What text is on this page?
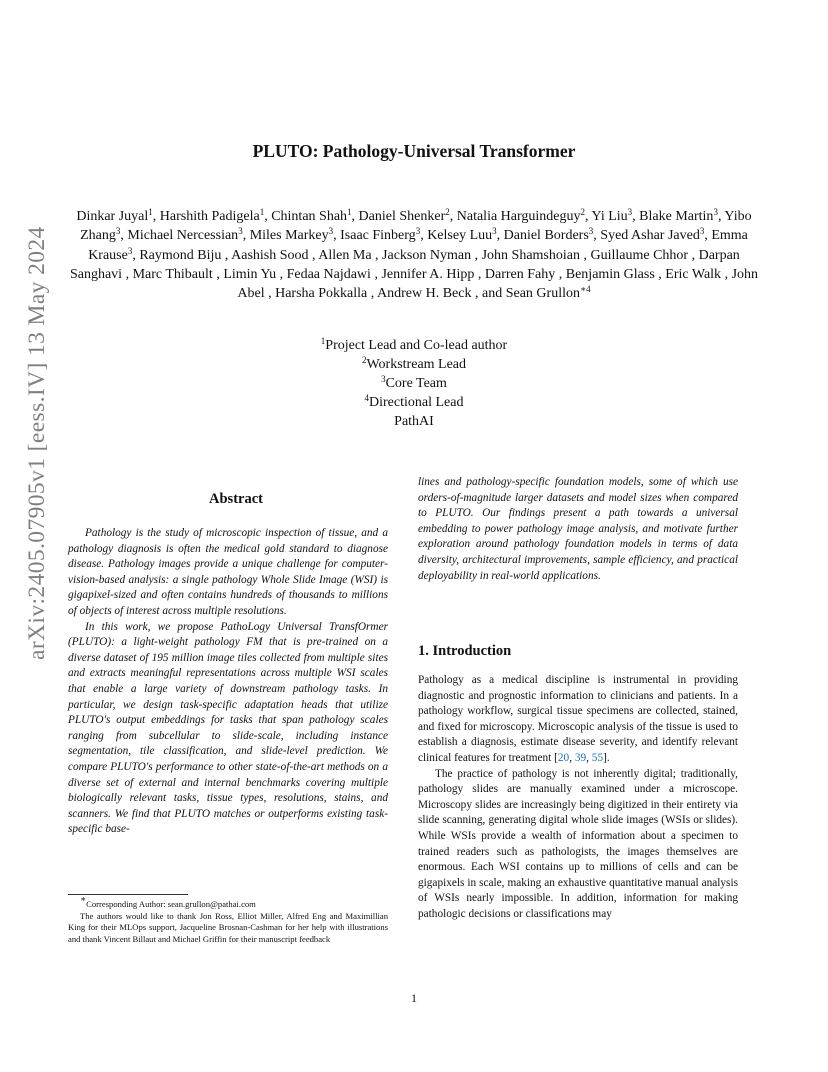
arXiv:2405.07905v1 [eess.IV] 13 May 2024
PLUTO: Pathology-Universal Transformer
Dinkar Juyal$^1$, Harshith Padigela$^1$, Chintan Shah$^1$, Daniel Shenker$^2$, Natalia Harguindeguy$^2$, Yi Liu$^3$, Blake Martin$^3$, Yibo Zhang$^3$, Michael Nercessian$^3$, Miles Markey$^3$, Isaac Finberg$^3$, Kelsey Luu$^3$, Daniel Borders$^3$, Syed Ashar Javed$^3$, Emma Krause$^3$, Raymond Biju , Aashish Sood , Allen Ma , Jackson Nyman , John Shamshoian , Guillaume Chhor , Darpan Sanghavi , Marc Thibault , Limin Yu , Fedaa Najdawi , Jennifer A. Hipp , Darren Fahy , Benjamin Glass , Eric Walk , John Abel , Harsha Pokkalla , Andrew H. Beck , and Sean Grullon$^{∗4}$
$^1$Project Lead and Co-lead author
$^2$Workstream Lead
$^3$Core Team
$^4$Directional Lead
PathAI
Abstract

Pathology is the study of microscopic inspection of tissue, and a pathology diagnosis is often the medical gold standard to diagnose disease. Pathology images provide a unique challenge for computer-vision-based analysis: a single pathology Whole Slide Image (WSI) is gigapixel-sized and often contains hundreds of thousands to millions of objects of interest across multiple resolutions.

In this work, we propose PathoLogy Universal TransfOrmer (PLUTO): a light-weight pathology FM that is pre-trained on a diverse dataset of 195 million image tiles collected from multiple sites and extracts meaningful representations across multiple WSI scales that enable a large variety of downstream pathology tasks. In particular, we design task-specific adaptation heads that utilize PLUTO's output embeddings for tasks that span pathology scales ranging from subcellular to slide-scale, including instance segmentation, tile classification, and slide-level prediction. We compare PLUTO's performance to other state-of-the-art methods on a diverse set of external and internal benchmarks covering multiple biologically relevant tasks, tissue types, resolutions, stains, and scanners. We find that PLUTO matches or outperforms existing task-specific base-

lines and pathology-specific foundation models, some of which use orders-of-magnitude larger datasets and model sizes when compared to PLUTO. Our findings present a path towards a universal embedding to power pathology image analysis, and motivate further exploration around pathology foundation models in terms of data diversity, architectural improvements, sample efficiency, and practical deployability in real-world applications.

1. Introduction

Pathology as a medical discipline is instrumental in providing diagnostic and prognostic information to clinicians and patients. In a pathology workflow, surgical tissue specimens are collected, stained, and fixed for microscopy. Microscopic analysis of the tissue is used to establish a diagnosis, estimate disease severity, and identify relevant clinical features for treatment [20, 39, 55].

The practice of pathology is not inherently digital; traditionally, pathology slides are manually examined under a microscope. Microscopy slides are increasingly being digitized in their entirety via slide scanning, generating digital whole slide images (WSIs or slides). While WSIs provide a wealth of information about a specimen to trained readers such as pathologists, the images themselves are enormous. Each WSI contains up to millions of cells and can be gigapixels in scale, making an exhaustive quantitative manual analysis of WSIs nearly impossible. In addition, information for making pathologic decisions or classifications may

∗Corresponding Author: sean.grullon@pathai.com

The authors would like to thank Jon Ross, Elliot Miller, Alfred Eng and Maximillian King for their MLOps support, Jacqueline Brosnan-Cashman for her help with illustrations and thank Vincent Billaut and Michael Griffin for their manuscript feedback

1
